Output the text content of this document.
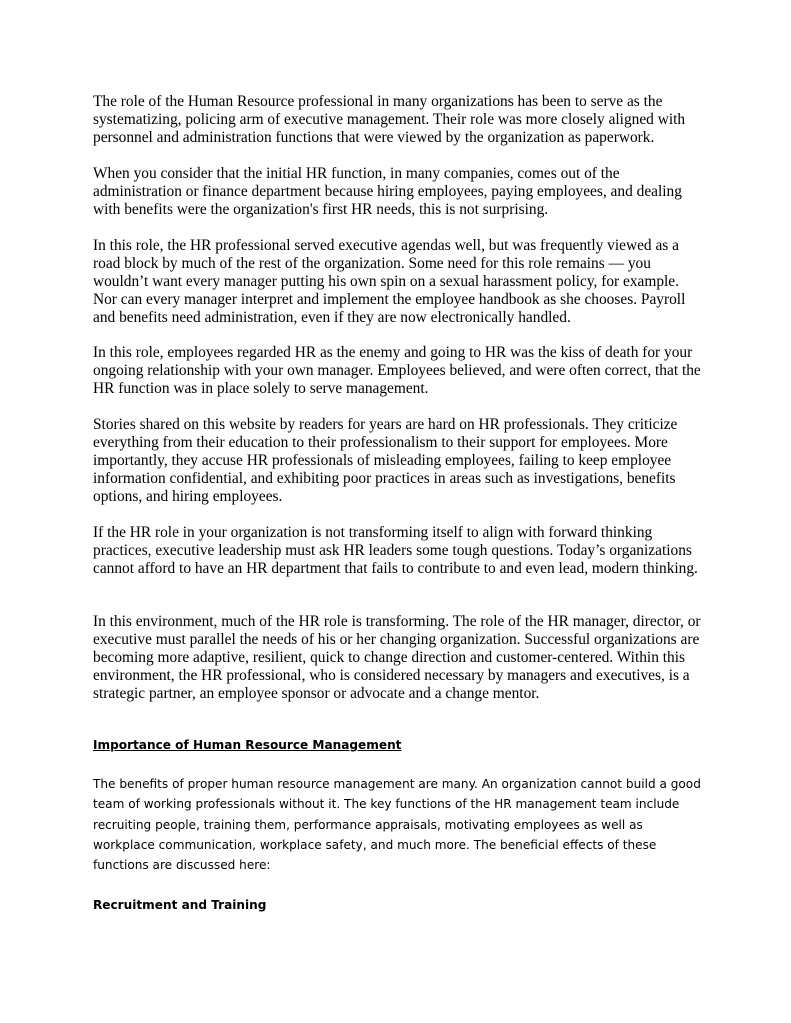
The role of the Human Resource professional in many organizations has been to serve as the systematizing, policing arm of executive management. Their role was more closely aligned with personnel and administration functions that were viewed by the organization as paperwork.

When you consider that the initial HR function, in many companies, comes out of the administration or finance department because hiring employees, paying employees, and dealing with benefits were the organization's first HR needs, this is not surprising.

In this role, the HR professional served executive agendas well, but was frequently viewed as a road block by much of the rest of the organization. Some need for this role remains — you wouldn’t want every manager putting his own spin on a sexual harassment policy, for example. Nor can every manager interpret and implement the employee handbook as she chooses. Payroll and benefits need administration, even if they are now electronically handled.

In this role, employees regarded HR as the enemy and going to HR was the kiss of death for your ongoing relationship with your own manager. Employees believed, and were often correct, that the HR function was in place solely to serve management.

Stories shared on this website by readers for years are hard on HR professionals. They criticize everything from their education to their professionalism to their support for employees. More importantly, they accuse HR professionals of misleading employees, failing to keep employee information confidential, and exhibiting poor practices in areas such as investigations, benefits options, and hiring employees.

If the HR role in your organization is not transforming itself to align with forward thinking practices, executive leadership must ask HR leaders some tough questions. Today’s organizations cannot afford to have an HR department that fails to contribute to and even lead, modern thinking.

In this environment, much of the HR role is transforming. The role of the HR manager, director, or executive must parallel the needs of his or her changing organization. Successful organizations are becoming more adaptive, resilient, quick to change direction and customer-centered. Within this environment, the HR professional, who is considered necessary by managers and executives, is a strategic partner, an employee sponsor or advocate and a change mentor.

Importance of Human Resource Management

The benefits of proper human resource management are many. An organization cannot build a good team of working professionals without it. The key functions of the HR management team include recruiting people, training them, performance appraisals, motivating employees as well as workplace communication, workplace safety, and much more. The beneficial effects of these functions are discussed here:

Recruitment and Training
